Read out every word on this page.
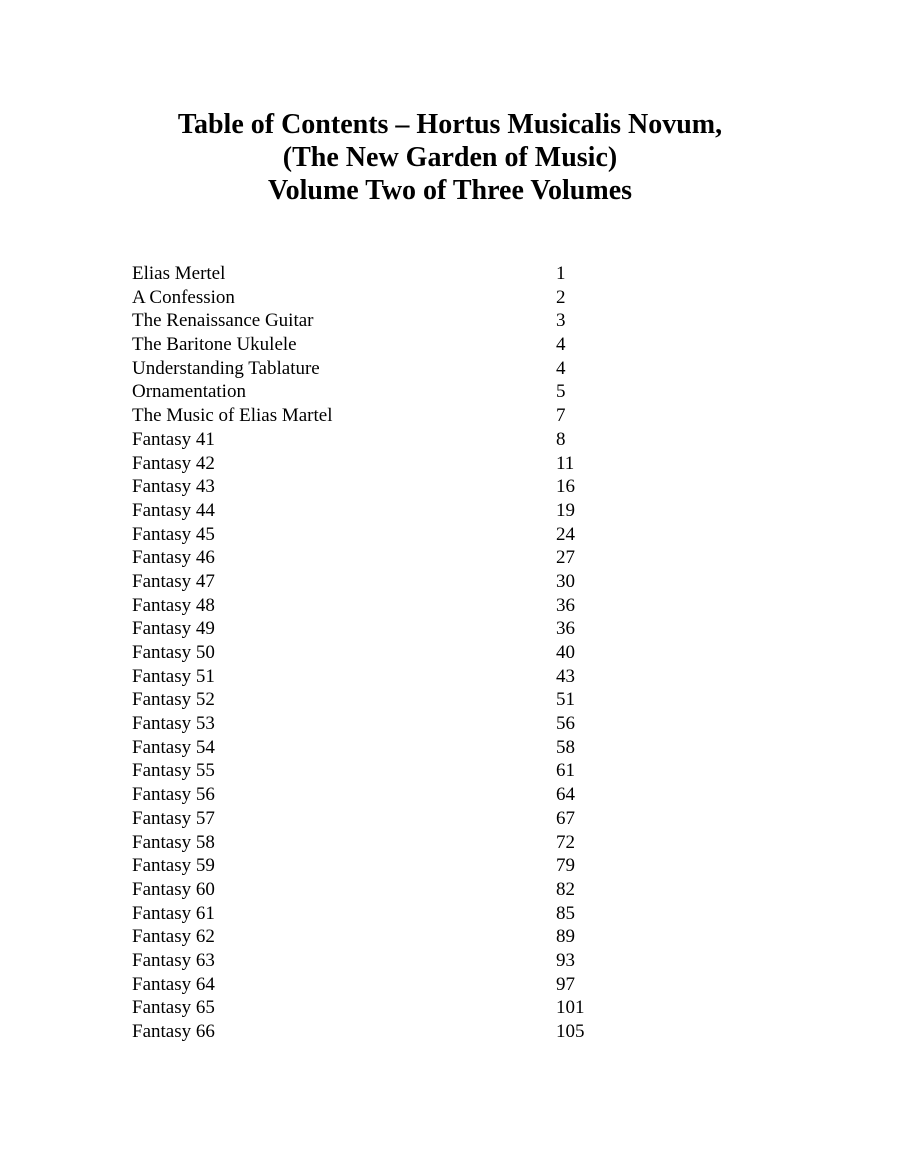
Table of Contents – Hortus Musicalis Novum,
(The New Garden of Music)
Volume Two of Three Volumes
Elias Mertel	1
A Confession	2
The Renaissance Guitar	3
The Baritone Ukulele	4
Understanding Tablature	4
Ornamentation	5
The Music of Elias Martel	7
Fantasy 41	8
Fantasy 42	11
Fantasy 43	16
Fantasy 44	19
Fantasy 45	24
Fantasy 46	27
Fantasy 47	30
Fantasy 48	36
Fantasy 49	36
Fantasy 50	40
Fantasy 51	43
Fantasy 52	51
Fantasy 53	56
Fantasy 54	58
Fantasy 55	61
Fantasy 56	64
Fantasy 57	67
Fantasy 58	72
Fantasy 59	79
Fantasy 60	82
Fantasy 61	85
Fantasy 62	89
Fantasy 63	93
Fantasy 64	97
Fantasy 65	101
Fantasy 66	105
